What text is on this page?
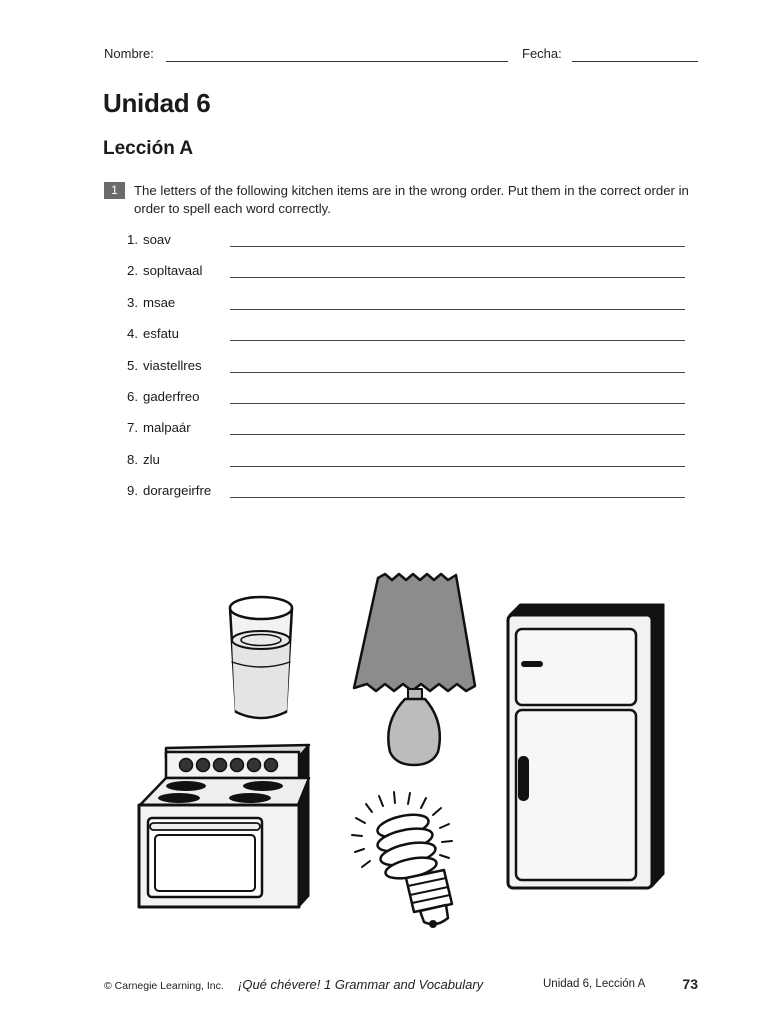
Nombre:	Fecha:
Unidad 6
Lección A
1	The letters of the following kitchen items are in the wrong order. Put them in the correct order in order to spell each word correctly.
1. soav
2. sopltavaal
3. msae
4. esfatu
5. viastellres
6. gaderfreo
7. malpaár
8. zlu
9. dorargeirfre
© Carnegie Learning, Inc. ¡Qué chévere! 1 Grammar and Vocabulary	Unidad 6, Lección A	73
